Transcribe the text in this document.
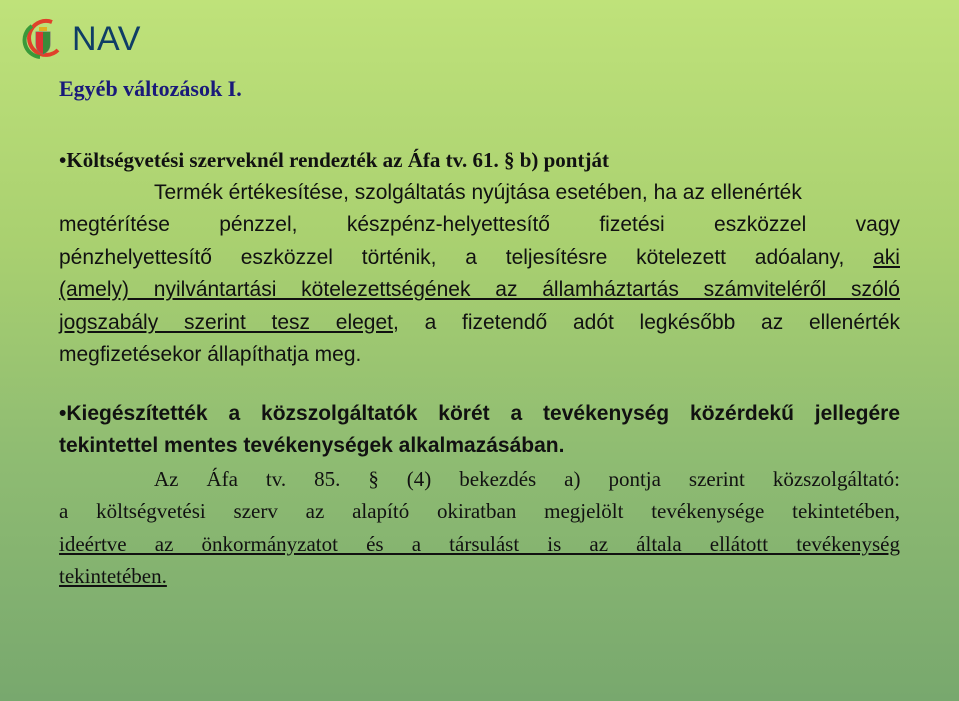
NAV
Egyéb változások I.
•Költségvetési szerveknél rendezték az Áfa tv. 61. § b) pontját
Termék értékesítése, szolgáltatás nyújtása esetében, ha az ellenérték
megtérítése pénzzel, készpénz-helyettesítő fizetési eszközzel vagy
pénzhelyettesítő eszközzel történik, a teljesítésre kötelezett adóalany, aki
(amely) nyilvántartási kötelezettségének az államháztartás számviteléről szóló
jogszabály szerint tesz eleget, a fizetendő adót legkésőbb az ellenérték
megfizetésekor állapíthatja meg.
•Kiegészítették a közszolgáltatók körét a tevékenység közérdekű jellegére
tekintettel mentes tevékenységek alkalmazásában.
Az Áfa tv. 85. § (4) bekezdés a) pontja szerint közszolgáltató:
a költségvetési szerv az alapító okiratban megjelölt tevékenysége tekintetében,
ideértve az önkormányzatot és a társulást is az általa ellátott tevékenység
tekintetében.
